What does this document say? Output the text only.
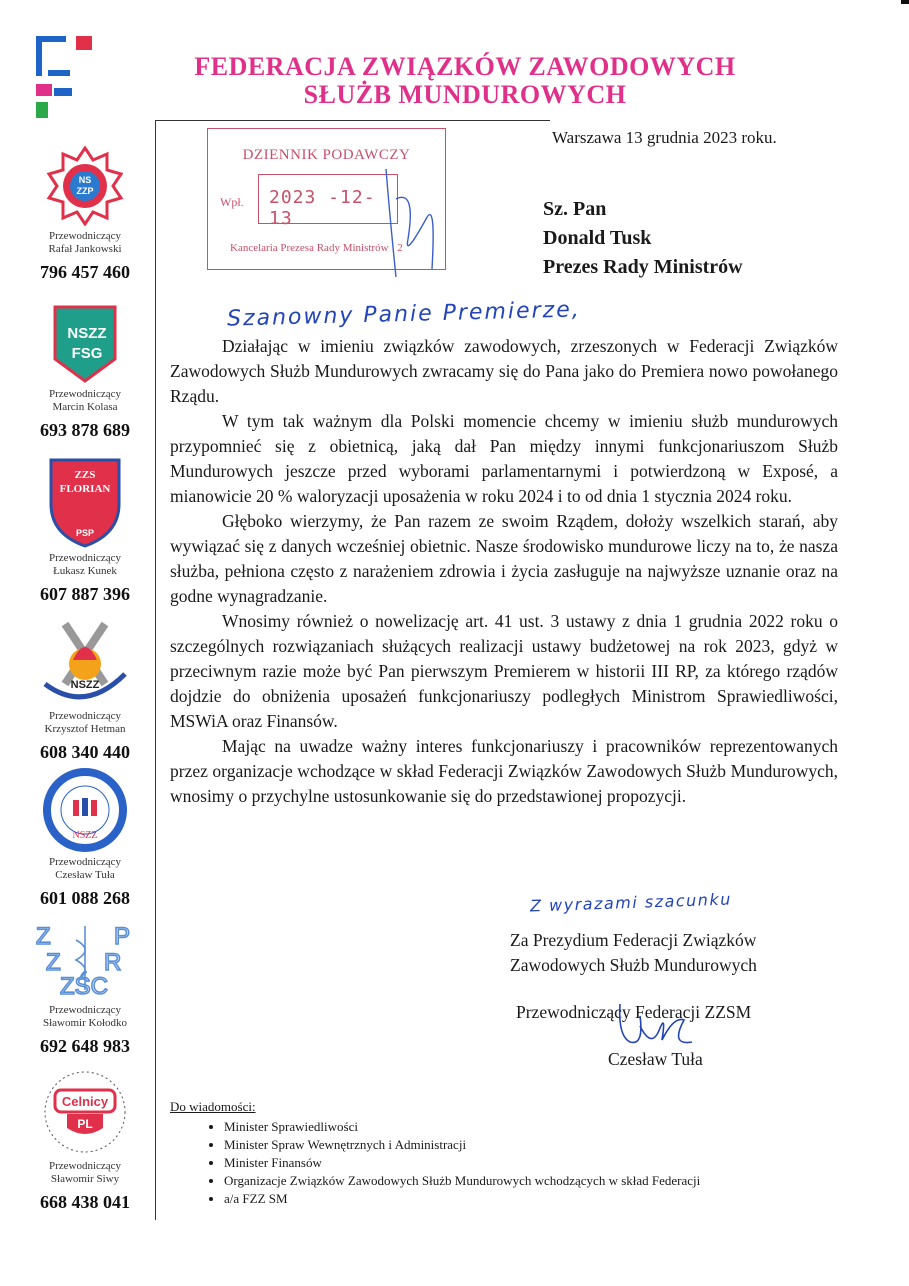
FEDERACJA ZWIĄZKÓW ZAWODOWYCH
SŁUŻB MUNDUROWYCH
NS
ZZP
Przewodniczący
Rafał Jankowski
796 457 460
NSZZ
FSG
Przewodniczący
Marcin Kolasa
693 878 689
ZZS
FLORIAN
PSP
Przewodniczący
Łukasz Kunek
607 887 396
NSZZ
Przewodniczący
Krzysztof Hetman
608 340 440
NSZZ
Przewodniczący
Czesław Tuła
601 088 268
Z	P
Z R
ZŚC
Przewodniczący
Sławomir Kołodko
692 648 983
Celnicy
PL
Przewodniczący
Sławomir Siwy
668 438 041
DZIENNIK PODAWCZY
Wpł. 2023 -12- 13
Kancelaria Prezesa Rady Ministrów 2
Warszawa 13 grudnia 2023 roku.
Sz. Pan
Donald Tusk
Prezes Rady Ministrów
Szanowny Panie Premierze,

Działając w imieniu związków zawodowych, zrzeszonych w Federacji Związków Zawodowych Służb Mundurowych zwracamy się do Pana jako do Premiera nowo powołanego Rządu.

W tym tak ważnym dla Polski momencie chcemy w imieniu służb mundurowych przypomnieć się z obietnicą, jaką dał Pan między innymi funkcjonariuszom Służb Mundurowych jeszcze przed wyborami parlamentarnymi i potwierdzoną w Exposé, a mianowicie 20 % waloryzacji uposażenia w roku 2024 i to od dnia 1 stycznia 2024 roku.

Głęboko wierzymy, że Pan razem ze swoim Rządem, dołoży wszelkich starań, aby wywiązać się z danych wcześniej obietnic. Nasze środowisko mundurowe liczy na to, że nasza służba, pełniona często z narażeniem zdrowia i życia zasługuje na najwyższe uznanie oraz na godne wynagradzanie.

Wnosimy również o nowelizację art. 41 ust. 3 ustawy z dnia 1 grudnia 2022 roku o szczególnych rozwiązaniach służących realizacji ustawy budżetowej na rok 2023, gdyż w przeciwnym razie może być Pan pierwszym Premierem w historii III RP, za którego rządów dojdzie do obniżenia uposażeń funkcjonariuszy podległych Ministrom Sprawiedliwości, MSWiA oraz Finansów.

Mając na uwadze ważny interes funkcjonariuszy i pracowników reprezentowanych przez organizacje wchodzące w skład Federacji Związków Zawodowych Służb Mundurowych, wnosimy o przychylne ustosunkowanie się do przedstawionej propozycji.

Z wyrazami szacunku
Za Prezydium Federacji Związków
Zawodowych Służb Mundurowych
Przewodniczący Federacji ZZSM
Czesław Tuła
Do wiadomości:
• Minister Sprawiedliwości
• Minister Spraw Wewnętrznych i Administracji
• Minister Finansów
• Organizacje Związków Zawodowych Służb Mundurowych wchodzących w skład Federacji
• a/a FZZ SM
